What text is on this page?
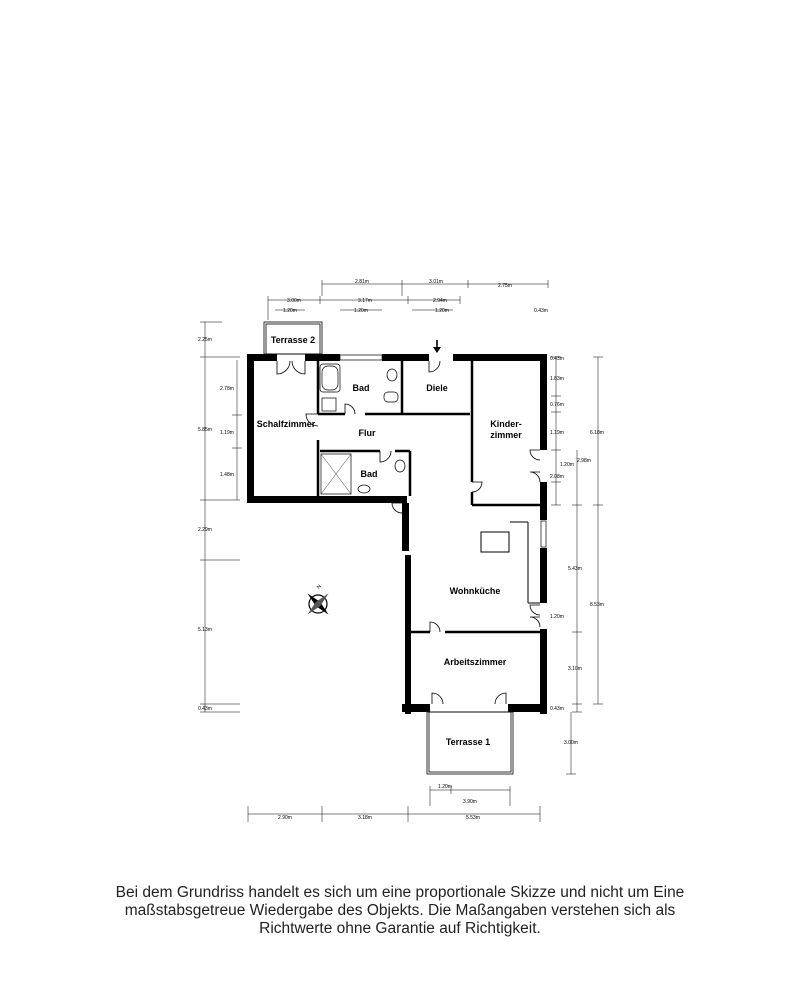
N
Terrasse 2
Bad	Diele
Schalfzimmer
Flur
Kinder-
zimmer
Bad
Wohnküche
Arbeitszimmer
Terrasse 1
2.81m	3.01m
2.75m
3.00m	3.17m	2.94m
1.20m	1.20m	1.20m	0.43m
2.25m
5.85m
2.29m
5.13m
0.43m
2.78m
1.19m
1.48m
0.43m
1.83m
0.76m
1.19m
1.20m
2.08m
2.98m
5.43m
1.20m
3.10m
0.43m
6.18m
8.53m
3.00m
1.20m
3.90m
2.90m	3.18m	5.53m
Bei dem Grundriss handelt es sich um eine proportionale Skizze und nicht um Eine
maßstabsgetreue Wiedergabe des Objekts. Die Maßangaben verstehen sich als
Richtwerte ohne Garantie auf Richtigkeit.
